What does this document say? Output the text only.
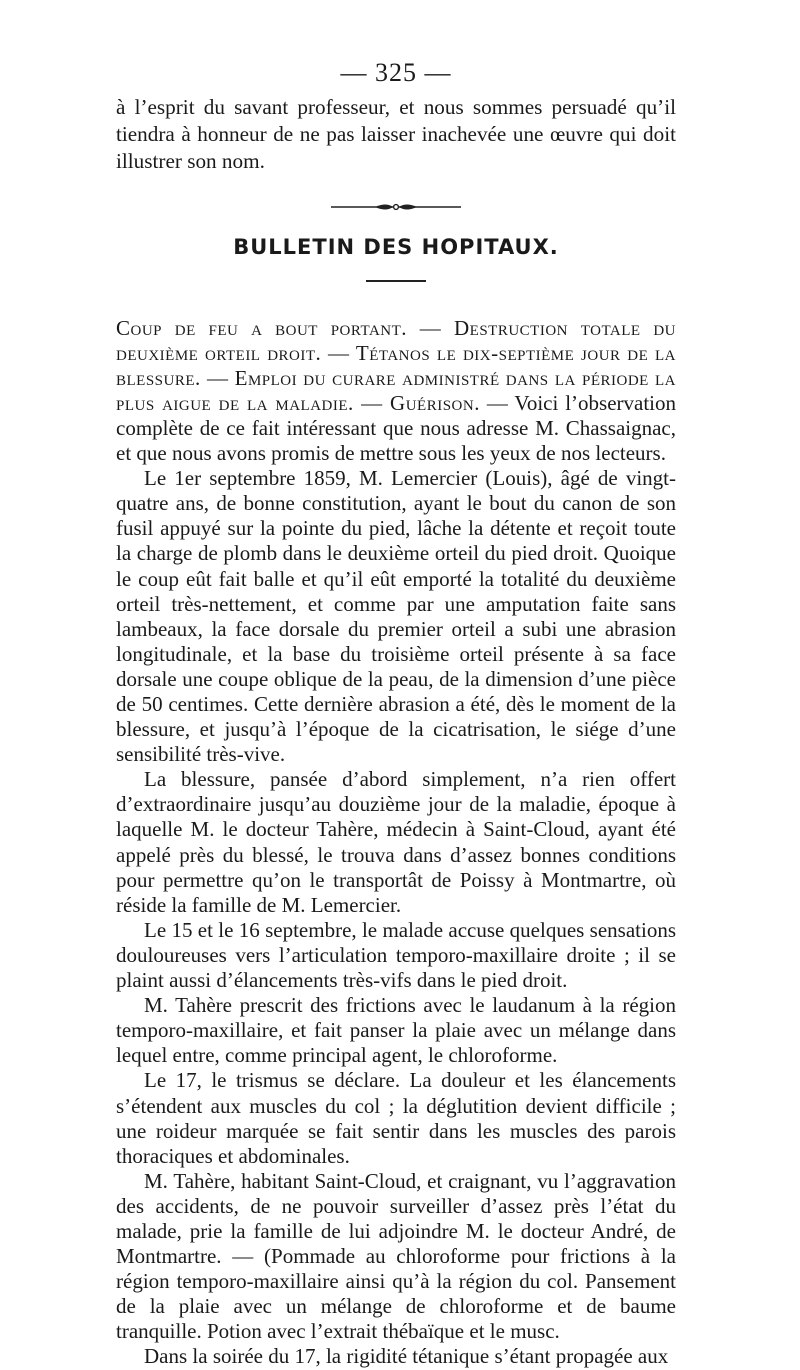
— 325 —

à l’esprit du savant professeur, et nous sommes persuadé qu’il tiendra à honneur de ne pas laisser inachevée une œuvre qui doit illustrer son nom.

BULLETIN DES HOPITAUX.

Coup de feu a bout portant. — Destruction totale du deuxième orteil droit. — Tétanos le dix-septième jour de la blessure. — Emploi du curare administré dans la période la plus aigue de la maladie. — Guérison. — Voici l’observation complète de ce fait intéressant que nous adresse M. Chassaignac, et que nous avons promis de mettre sous les yeux de nos lecteurs.

Le 1er septembre 1859, M. Lemercier (Louis), âgé de vingt-quatre ans, de bonne constitution, ayant le bout du canon de son fusil appuyé sur la pointe du pied, lâche la détente et reçoit toute la charge de plomb dans le deuxième orteil du pied droit. Quoique le coup eût fait balle et qu’il eût emporté la totalité du deuxième orteil très-nettement, et comme par une amputation faite sans lambeaux, la face dorsale du premier orteil a subi une abrasion longitudinale, et la base du troisième orteil présente à sa face dorsale une coupe oblique de la peau, de la dimension d’une pièce de 50 centimes. Cette dernière abrasion a été, dès le moment de la blessure, et jusqu’à l’époque de la cicatrisation, le siége d’une sensibilité très-vive.

La blessure, pansée d’abord simplement, n’a rien offert d’extraordinaire jusqu’au douzième jour de la maladie, époque à laquelle M. le docteur Tahère, médecin à Saint-Cloud, ayant été appelé près du blessé, le trouva dans d’assez bonnes conditions pour permettre qu’on le transportât de Poissy à Montmartre, où réside la famille de M. Lemercier.

Le 15 et le 16 septembre, le malade accuse quelques sensations douloureuses vers l’articulation temporo-maxillaire droite ; il se plaint aussi d’élancements très-vifs dans le pied droit.

M. Tahère prescrit des frictions avec le laudanum à la région temporo-maxillaire, et fait panser la plaie avec un mélange dans lequel entre, comme principal agent, le chloroforme.

Le 17, le trismus se déclare. La douleur et les élancements s’étendent aux muscles du col ; la déglutition devient difficile ; une roideur marquée se fait sentir dans les muscles des parois thoraciques et abdominales.

M. Tahère, habitant Saint-Cloud, et craignant, vu l’aggravation des accidents, de ne pouvoir surveiller d’assez près l’état du malade, prie la famille de lui adjoindre M. le docteur André, de Montmartre. — (Pommade au chloroforme pour frictions à la région temporo-maxillaire ainsi qu’à la région du col. Pansement de la plaie avec un mélange de chloroforme et de baume tranquille. Potion avec l’extrait thébaïque et le musc.

Dans la soirée du 17, la rigidité tétanique s’étant propagée aux
